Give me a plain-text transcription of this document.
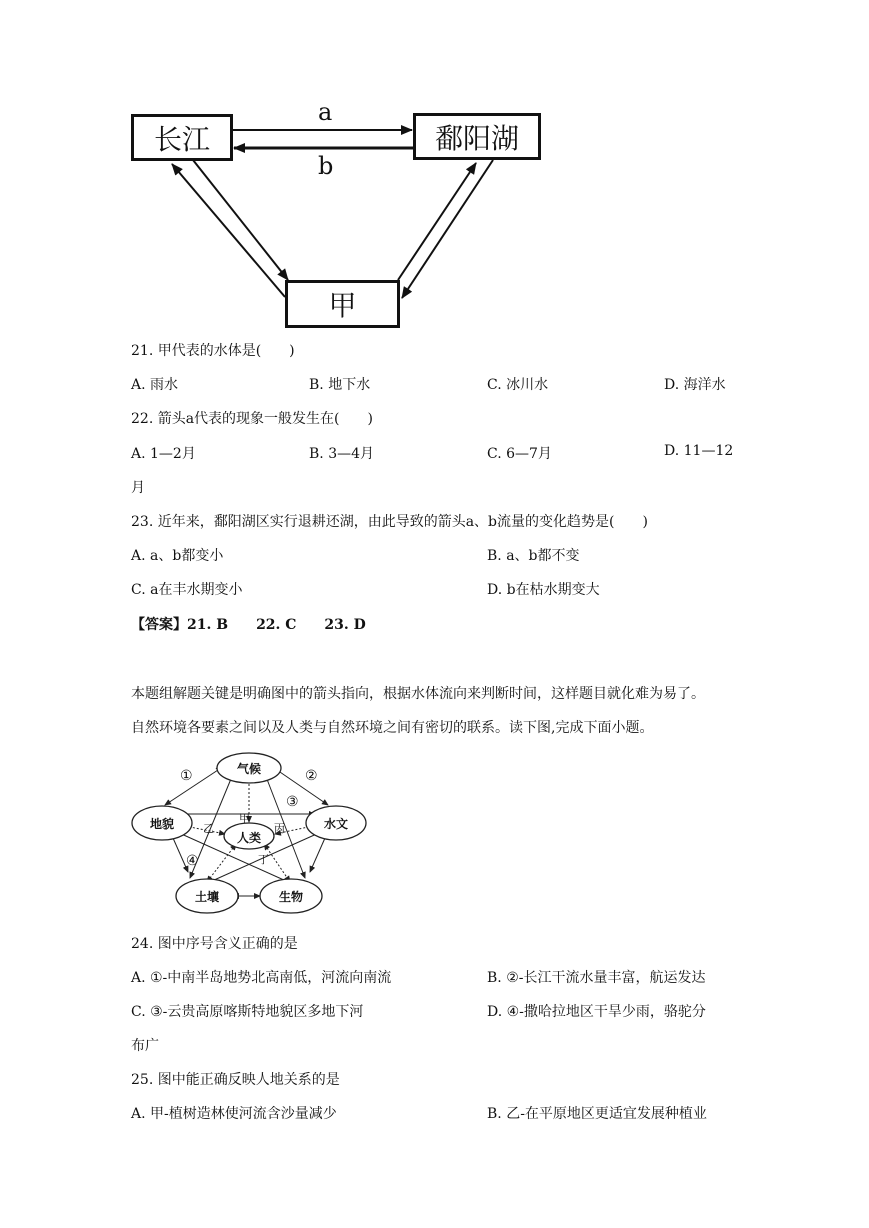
长江	鄱阳湖
甲
a
b
21. 甲代表的水体是(　　)
A. 雨水	B. 地下水	C. 冰川水	D. 海洋水
22. 箭头a代表的现象一般发生在(　　)
A. 1—2月	B. 3—4月	C. 6—7月	D. 11—12
月
23. 近年来，鄱阳湖区实行退耕还湖，由此导致的箭头a、b流量的变化趋势是(　　)
A. a、b都变小	B. a、b都不变
C. a在丰水期变小	D. b在枯水期变大
【答案】21. B　　22. C　　23. D
本题组解题关键是明确图中的箭头指向，根据水体流向来判断时间，这样题目就化难为易了。
自然环境各要素之间以及人类与自然环境之间有密切的联系。读下图,完成下面小题。
气候
地貌	水文
人类
土壤	生物
①	②
③
④
甲
乙	丙
丁
24. 图中序号含义正确的是
A. ①-中南半岛地势北高南低，河流向南流	B. ②-长江干流水量丰富，航运发达
C. ③-云贵高原喀斯特地貌区多地下河	D. ④-撒哈拉地区干旱少雨，骆驼分
布广
25. 图中能正确反映人地关系的是
A. 甲-植树造林使河流含沙量减少	B. 乙-在平原地区更适宜发展种植业
